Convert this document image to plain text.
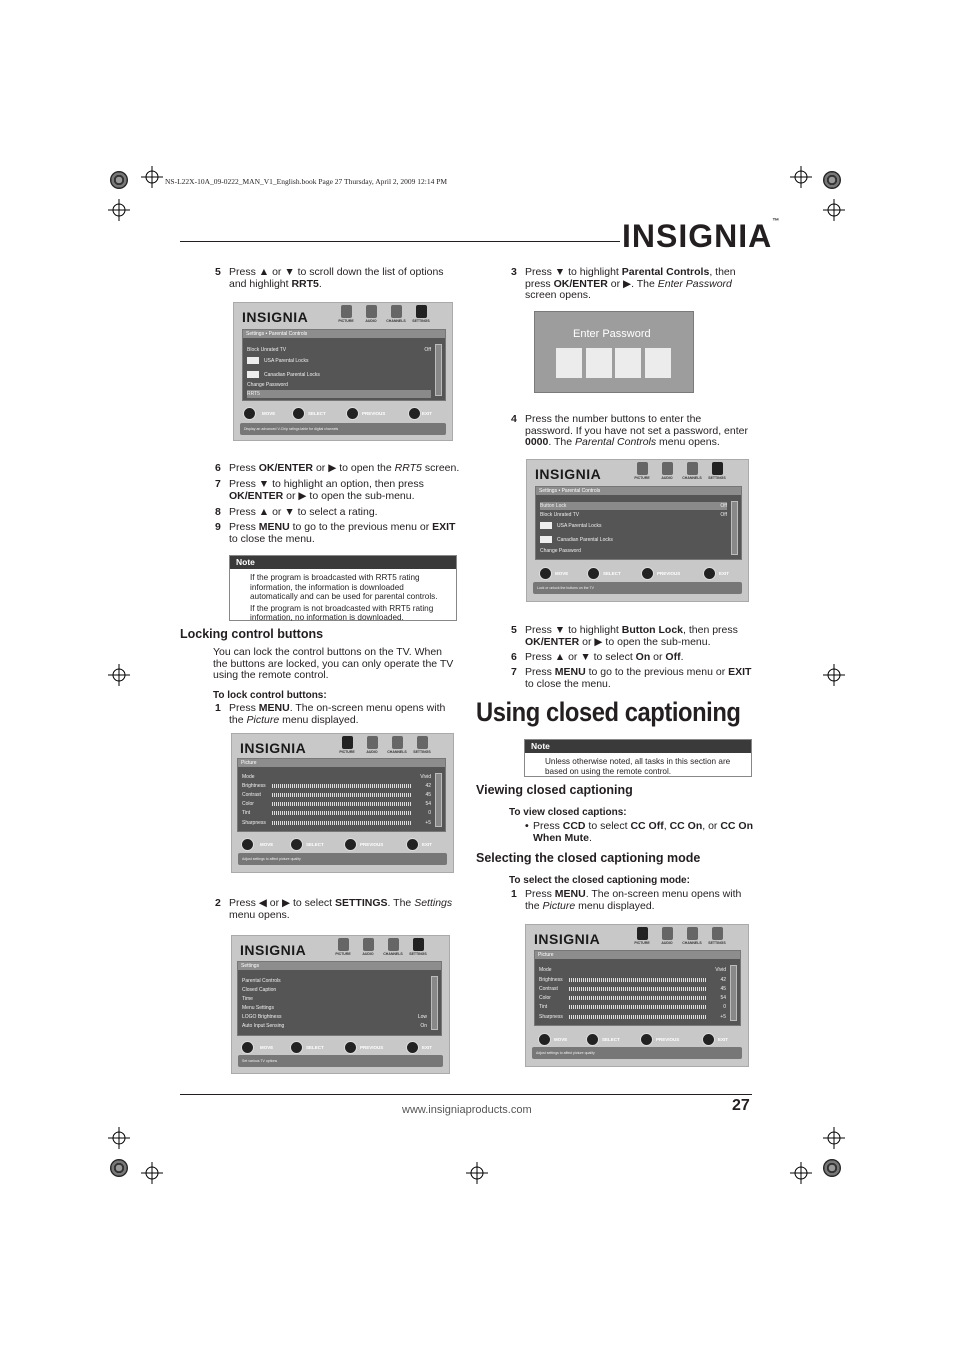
NS-L22X-10A_09-0222_MAN_V1_English.book Page 27 Thursday, April 2, 2009 12:14 PM
INSIGNIA™
5 Press ▲ or ▼ to scroll down the list of options
and highlight RRT5.
INSIGNIA	PICTURE	AUDIO	CHANNELS	SETTINGS
Settings • Parental Controls
Block Unrated TV	Off
USA Parental Locks
Canadian Parental Locks
Change Password
RRT5
MOVE	SELECT	PREVIOUS	EXIT
Display an advanced V-Chip ratings table for digital channels
6 Press OK/ENTER or ▶ to open the RRT5 screen.
7 Press ▼ to highlight an option, then press
OK/ENTER or ▶ to open the sub-menu.
8 Press ▲ or ▼ to select a rating.
9 Press MENU to go to the previous menu or EXIT
to close the menu.
Note

If the program is broadcasted with RRT5 rating information, the information is downloaded automatically and can be used for parental controls.

If the program is not broadcasted with RRT5 rating information, no information is downloaded.

Locking control buttons
You can lock the control buttons on the TV. When the buttons are locked, you can only operate the TV using the remote control.
To lock control buttons:
1 Press MENU. The on-screen menu opens with
the Picture menu displayed.
INSIGNIA	PICTURE	AUDIO	CHANNELS	SETTINGS
Picture
Mode	Vivid
Brightness	42
Contrast	45
Color	54
Tint	0
Sharpness	+5
MOVE	SELECT	PREVIOUS	EXIT
Adjust settings to affect picture quality
2 Press ◀ or ▶ to select SETTINGS. The Settings
menu opens.
INSIGNIA	PICTURE	AUDIO	CHANNELS	SETTINGS
Settings
Parental Controls
Closed Caption
Time
Menu Settings
LOGO Brightness	Low
Auto Input Sensing	On
MOVE	SELECT	PREVIOUS	EXIT
Set various TV options
3 Press ▼ to highlight Parental Controls, then
press OK/ENTER or ▶. The Enter Password
screen opens.
Enter Password
4 Press the number buttons to enter the
password. If you have not set a password, enter
0000. The Parental Controls menu opens.
INSIGNIA	PICTURE	AUDIO	CHANNELS	SETTINGS
Settings • Parental Controls
Button Lock	Off
Block Unrated TV	Off
USA Parental Locks
Canadian Parental Locks
Change Password
MOVE	SELECT	PREVIOUS	EXIT
Lock or unlock the buttons on the TV
5 Press ▼ to highlight Button Lock, then press
OK/ENTER or ▶ to open the sub-menu.
6 Press ▲ or ▼ to select On or Off.
7 Press MENU to go to the previous menu or EXIT
to close the menu.
Using closed captioning
Note

Unless otherwise noted, all tasks in this section are based on using the remote control.

Viewing closed captioning
To view closed captions:
• Press CCD to select CC Off, CC On, or CC On
When Mute.
Selecting the closed captioning mode
To select the closed captioning mode:
1 Press MENU. The on-screen menu opens with
the Picture menu displayed.
INSIGNIA	PICTURE	AUDIO	CHANNELS	SETTINGS
Picture
Mode	Vivid
Brightness	42
Contrast	45
Color	54
Tint	0
Sharpness	+5
MOVE	SELECT	PREVIOUS	EXIT
Adjust settings to affect picture quality
www.insigniaproducts.com	27
